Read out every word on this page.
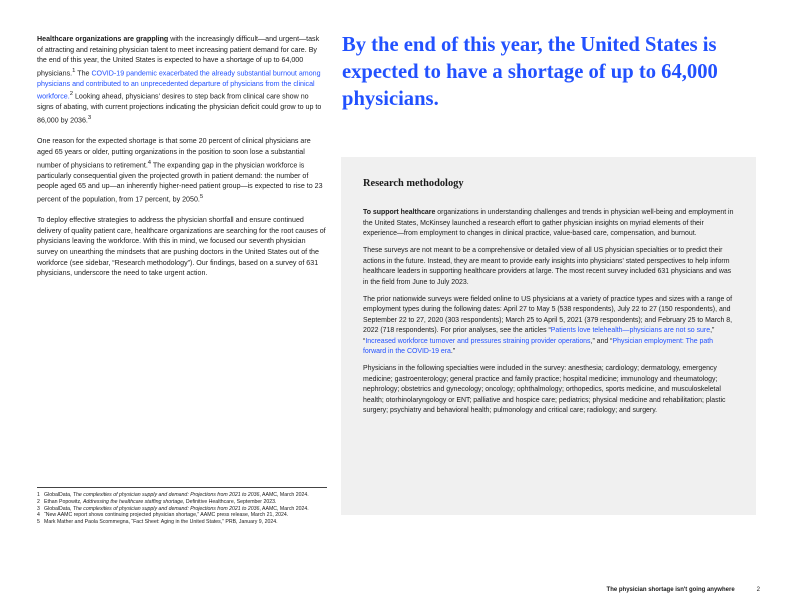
Healthcare organizations are grappling with the increasingly difficult—and urgent—task of attracting and retaining physician talent to meet increasing patient demand for care. By the end of this year, the United States is expected to have a shortage of up to 64,000 physicians.$^1$ The COVID-19 pandemic exacerbated the already substantial burnout among physicians and contributed to an unprecedented departure of physicians from the clinical workforce.$^2$ Looking ahead, physicians' desires to step back from clinical care show no signs of abating, with current projections indicating the physician deficit could grow to up to 86,000 by 2036.$^3$

One reason for the expected shortage is that some 20 percent of clinical physicians are aged 65 years or older, putting organizations in the position to soon lose a substantial number of physicians to retirement.$^4$ The expanding gap in the physician workforce is particularly consequential given the projected growth in patient demand: the number of people aged 65 and up—an inherently higher-need patient group—is expected to rise to 23 percent of the population, from 17 percent, by 2050.$^5$

To deploy effective strategies to address the physician shortfall and ensure continued delivery of quality patient care, healthcare organizations are searching for the root causes of physicians leaving the workforce. With this in mind, we focused our seventh physician survey on unearthing the mindsets that are pushing doctors in the United States out of the workforce (see sidebar, “Research methodology”). Our findings, based on a survey of 631 physicians, underscore the need to take urgent action.

By the end of this year, the United States is expected to have a shortage of up to 64,000 physicians.
Research methodology

To support healthcare organizations in understanding challenges and trends in physician well-being and employment in the United States, McKinsey launched a research effort to gather physician insights on myriad elements of their experience—from employment to changes in clinical practice, value-based care, compensation, and burnout.

These surveys are not meant to be a comprehensive or detailed view of all US physician specialties or to predict their actions in the future. Instead, they are meant to provide early insights into physicians' stated perspectives to help inform healthcare leaders in supporting healthcare providers at large. The most recent survey included 631 physicians and was in the field from June to July 2023.

The prior nationwide surveys were fielded online to US physicians at a variety of practice types and sizes with a range of employment types during the following dates: April 27 to May 5 (538 respondents), July 22 to 27 (150 respondents), and September 22 to 27, 2020 (303 respondents); March 25 to April 5, 2021 (379 respondents); and February 25 to March 8, 2022 (718 respondents). For prior analyses, see the articles “Patients love telehealth—physicians are not so sure,” “Increased workforce turnover and pressures straining provider operations,” and “Physician employment: The path forward in the COVID-19 era.”

Physicians in the following specialties were included in the survey: anesthesia; cardiology; dermatology, emergency medicine; gastroenterology; general practice and family practice; hospital medicine; immunology and rheumatology; nephrology; obstetrics and gynecology; oncology; ophthalmology; orthopedics, sports medicine, and musculoskeletal health; otorhinolaryngology or ENT; palliative and hospice care; pediatrics; physical medicine and rehabilitation; plastic surgery; psychiatry and behavioral health; pulmonology and critical care; radiology; and surgery.

1 GlobalData, The complexities of physician supply and demand: Projections from 2021 to 2036, AAMC, March 2024.
2 Ethan Popowitz, Addressing the healthcare staffing shortage, Definitive Healthcare, September 2023.
3 GlobalData, The complexities of physician supply and demand: Projections from 2021 to 2036, AAMC, March 2024.
4 “New AAMC report shows continuing projected physician shortage,” AAMC press release, March 21, 2024.
5 Mark Mather and Paola Scommegna, “Fact Sheet: Aging in the United States,” PRB, January 9, 2024.
The physician shortage isn't going anywhere	2
